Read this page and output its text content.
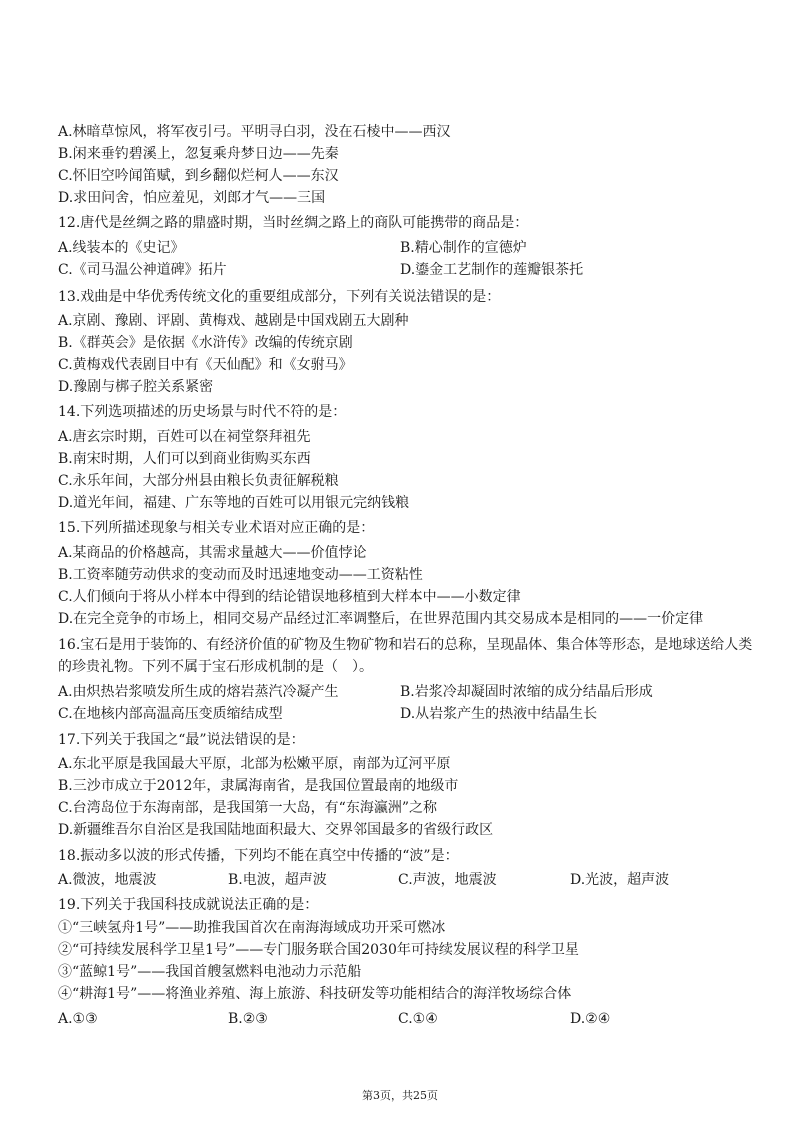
A.林暗草惊风，将军夜引弓。平明寻白羽，没在石棱中——西汉
B.闲来垂钓碧溪上，忽复乘舟梦日边——先秦
C.怀旧空吟闻笛赋，到乡翻似烂柯人——东汉
D.求田问舍，怕应羞见，刘郎才气——三国
12.唐代是丝绸之路的鼎盛时期，当时丝绸之路上的商队可能携带的商品是：
A.线装本的《史记》	B.精心制作的宣德炉
C.《司马温公神道碑》拓片	D.鎏金工艺制作的莲瓣银茶托
13.戏曲是中华优秀传统文化的重要组成部分，下列有关说法错误的是：
A.京剧、豫剧、评剧、黄梅戏、越剧是中国戏剧五大剧种
B.《群英会》是依据《水浒传》改编的传统京剧
C.黄梅戏代表剧目中有《天仙配》和《女驸马》
D.豫剧与梆子腔关系紧密
14.下列选项描述的历史场景与时代不符的是：
A.唐玄宗时期，百姓可以在祠堂祭拜祖先
B.南宋时期，人们可以到商业街购买东西
C.永乐年间，大部分州县由粮长负责征解税粮
D.道光年间，福建、广东等地的百姓可以用银元完纳钱粮
15.下列所描述现象与相关专业术语对应正确的是：
A.某商品的价格越高，其需求量越大——价值悖论
B.工资率随劳动供求的变动而及时迅速地变动——工资粘性
C.人们倾向于将从小样本中得到的结论错误地移植到大样本中——小数定律
D.在完全竞争的市场上，相同交易产品经过汇率调整后，在世界范围内其交易成本是相同的——一价定律
16.宝石是用于装饰的、有经济价值的矿物及生物矿物和岩石的总称，呈现晶体、集合体等形态，是地球送给人类
的珍贵礼物。下列不属于宝石形成机制的是（　）。
A.由炽热岩浆喷发所生成的熔岩蒸汽冷凝产生	B.岩浆冷却凝固时浓缩的成分结晶后形成
C.在地核内部高温高压变质缩结成型	D.从岩浆产生的热液中结晶生长
17.下列关于我国之“最”说法错误的是：
A.东北平原是我国最大平原，北部为松嫩平原，南部为辽河平原
B.三沙市成立于2012年，隶属海南省，是我国位置最南的地级市
C.台湾岛位于东海南部，是我国第一大岛，有“东海瀛洲”之称
D.新疆维吾尔自治区是我国陆地面积最大、交界邻国最多的省级行政区
18.振动多以波的形式传播，下列均不能在真空中传播的“波”是：
A.微波，地震波	B.电波，超声波	C.声波，地震波	D.光波，超声波
19.下列关于我国科技成就说法正确的是：
①“三峡氢舟1号”——助推我国首次在南海海域成功开采可燃冰
②“可持续发展科学卫星1号”——专门服务联合国2030年可持续发展议程的科学卫星
③“蓝鲸1号”——我国首艘氢燃料电池动力示范船
④“耕海1号”——将渔业养殖、海上旅游、科技研发等功能相结合的海洋牧场综合体
A.①③	B.②③	C.①④	D.②④
第3页，共25页
